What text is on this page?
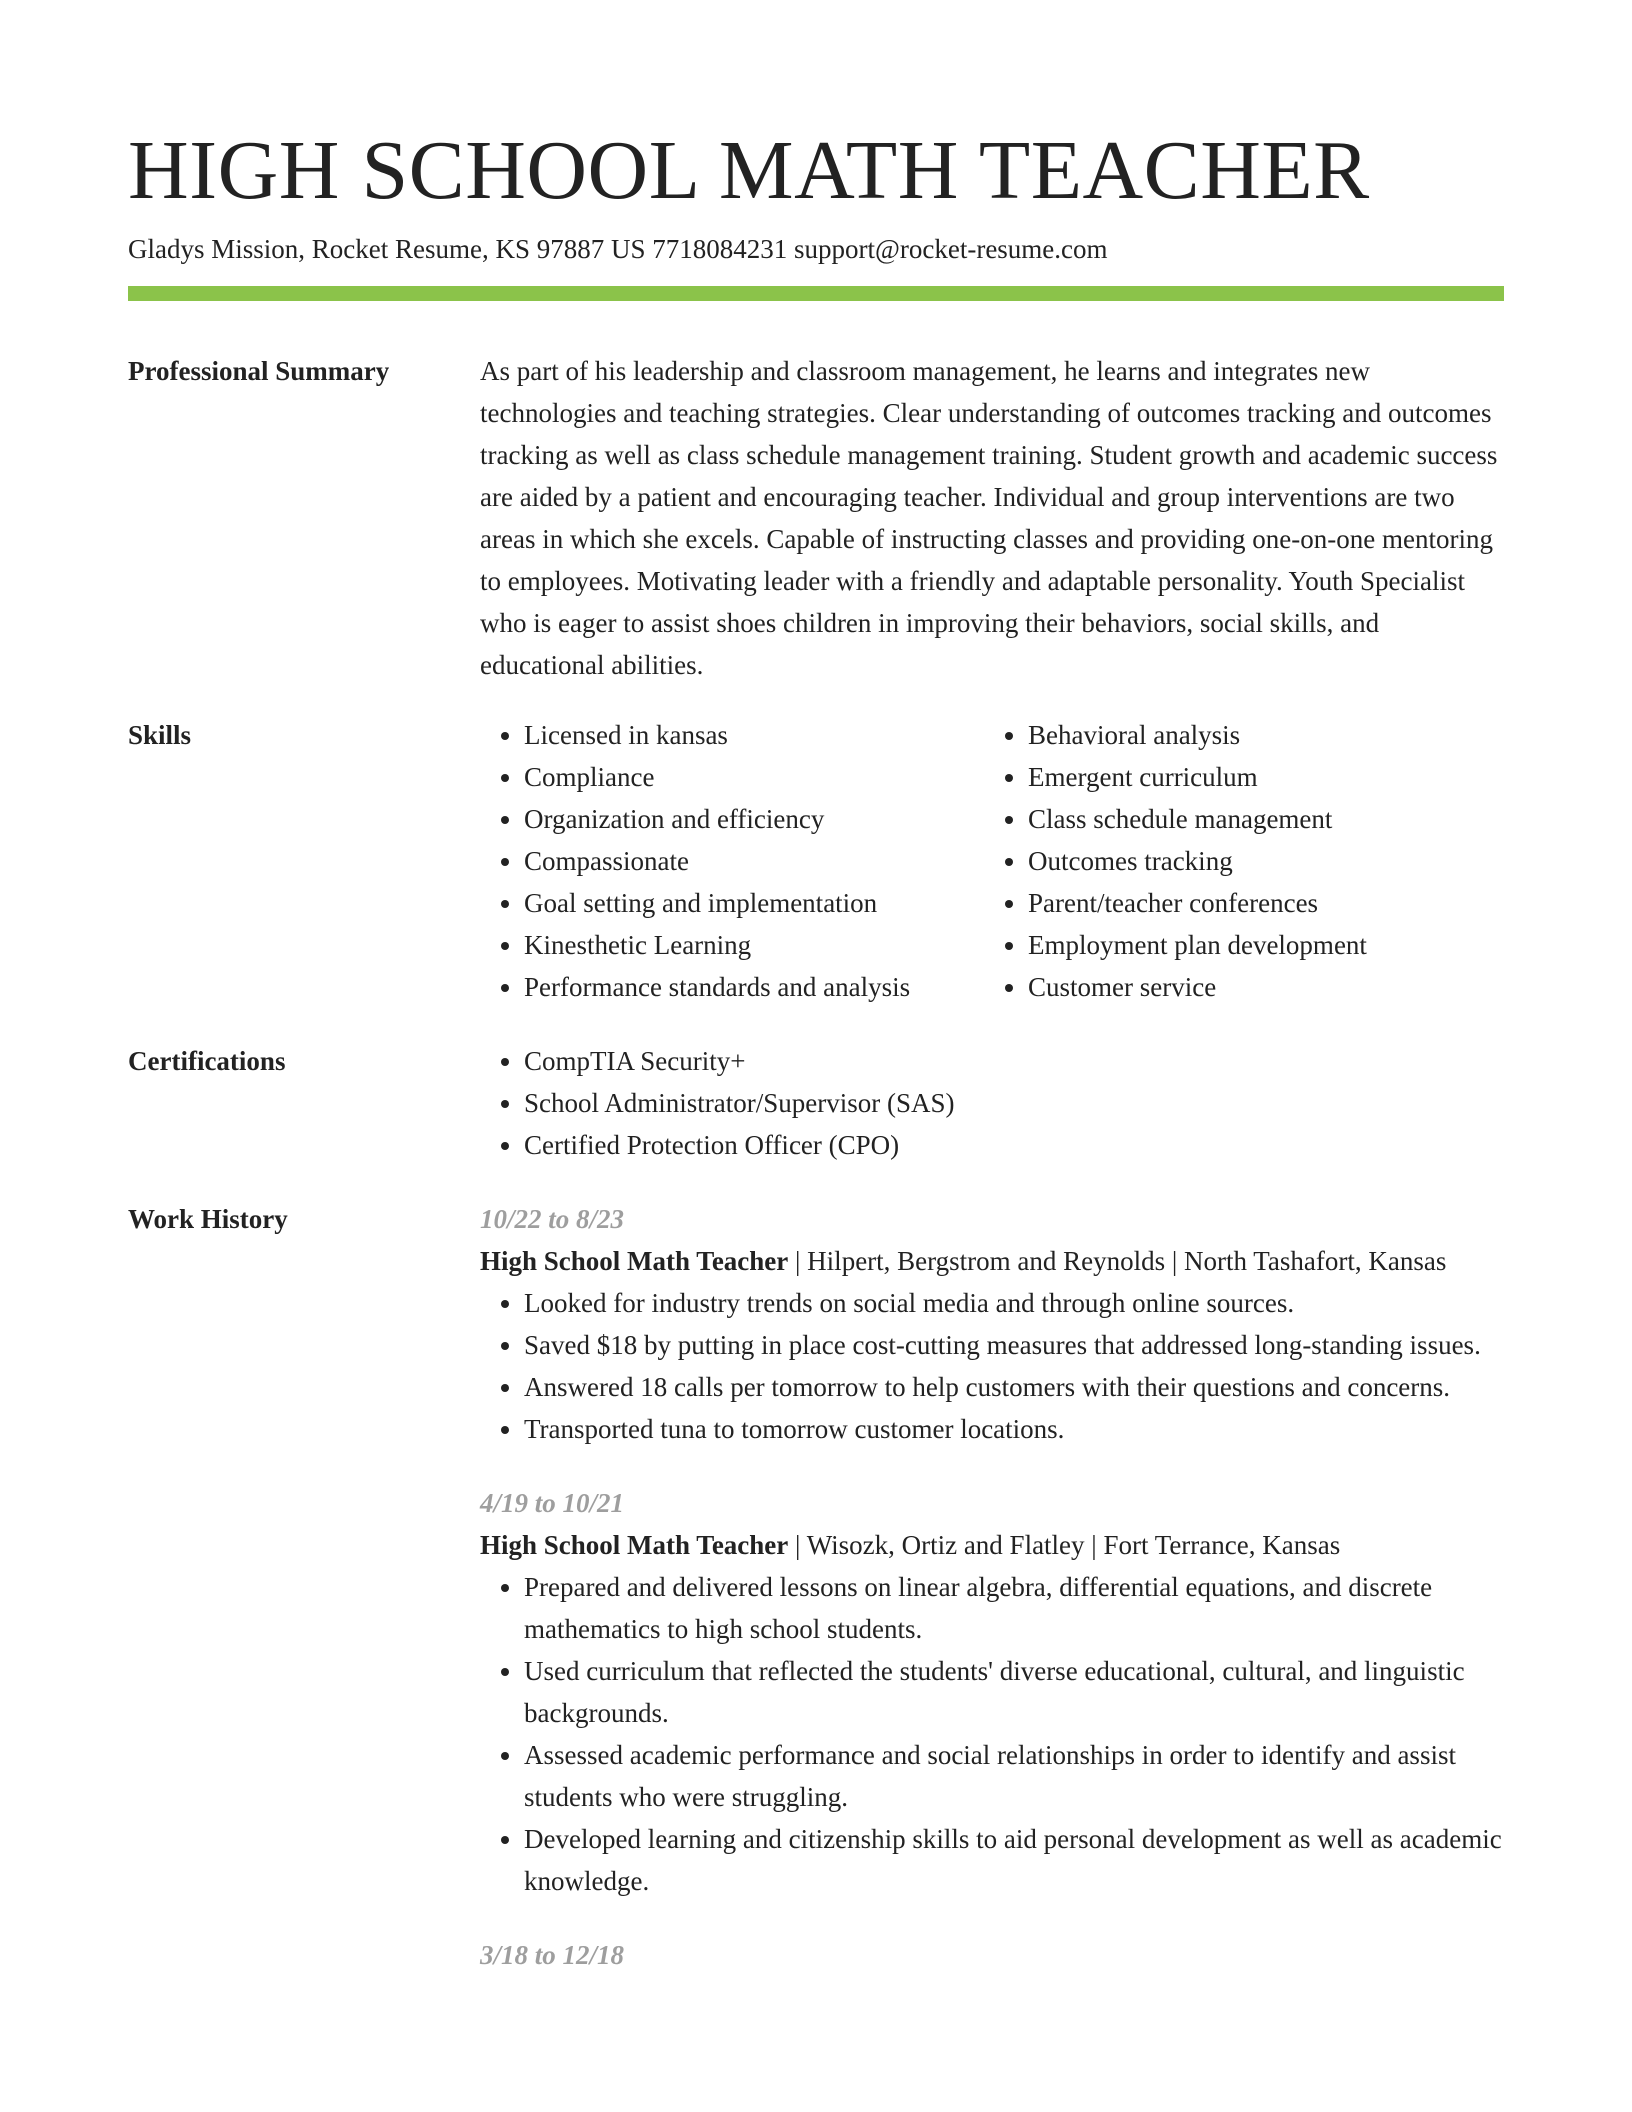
HIGH SCHOOL MATH TEACHER
Gladys Mission, Rocket Resume, KS 97887 US 7718084231 support@rocket-resume.com
Professional Summary	As part of his leadership and classroom management, he learns and integrates new technologies and teaching strategies. Clear understanding of outcomes tracking and outcomes tracking as well as class schedule management training. Student growth and academic success are aided by a patient and encouraging teacher. Individual and group interventions are two areas in which she excels. Capable of instructing classes and providing one-on-one mentoring to employees. Motivating leader with a friendly and adaptable personality. Youth Specialist who is eager to assist shoes children in improving their behaviors, social skills, and educational abilities.

Skills	• Licensed in kansas
• Compliance
• Organization and efficiency
• Compassionate
• Goal setting and implementation
• Kinesthetic Learning
• Performance standards and analysis
• Behavioral analysis
• Emergent curriculum
• Class schedule management
• Outcomes tracking
• Parent/teacher conferences
• Employment plan development
• Customer service
Certifications	• CompTIA Security+
• School Administrator/Supervisor (SAS)
• Certified Protection Officer (CPO)
Work History	10/22 to 8/23

High School Math Teacher | Hilpert, Bergstrom and Reynolds | North Tashafort, Kansas

• Looked for industry trends on social media and through online sources.
• Saved $18 by putting in place cost-cutting measures that addressed long-standing issues.
• Answered 18 calls per tomorrow to help customers with their questions and concerns.
• Transported tuna to tomorrow customer locations.

4/19 to 10/21

High School Math Teacher | Wisozk, Ortiz and Flatley | Fort Terrance, Kansas

• Prepared and delivered lessons on linear algebra, differential equations, and discrete mathematics to high school students.
• Used curriculum that reflected the students' diverse educational, cultural, and linguistic backgrounds.
• Assessed academic performance and social relationships in order to identify and assist students who were struggling.
• Developed learning and citizenship skills to aid personal development as well as academic knowledge.

3/18 to 12/18
